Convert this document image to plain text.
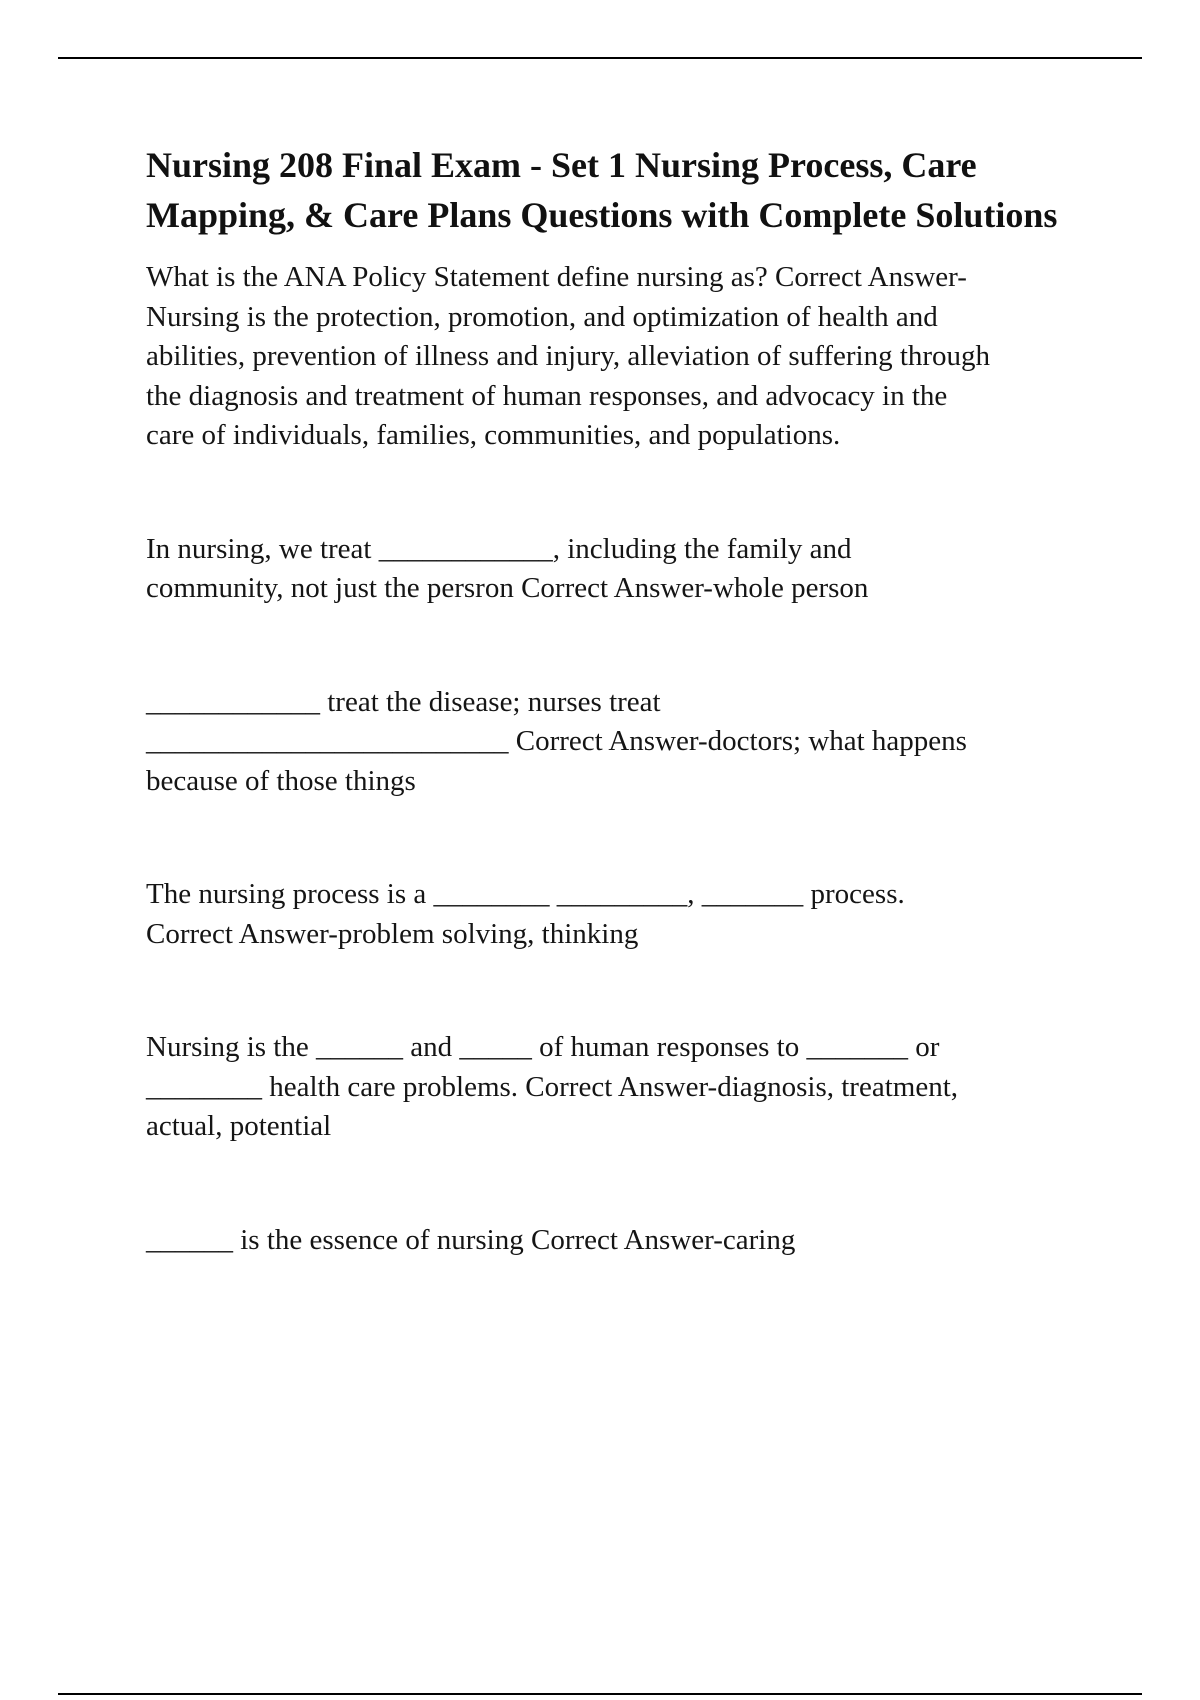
Nursing 208 Final Exam - Set 1 Nursing Process, Care Mapping, & Care Plans Questions with Complete Solutions

What is the ANA Policy Statement define nursing as? Correct Answer-
Nursing is the protection, promotion, and optimization of health and
abilities, prevention of illness and injury, alleviation of suffering through
the diagnosis and treatment of human responses, and advocacy in the
care of individuals, families, communities, and populations.

In nursing, we treat ____________, including the family and
community, not just the persron Correct Answer-whole person

____________ treat the disease; nurses treat
_________________________ Correct Answer-doctors; what happens
because of those things

The nursing process is a ________ _________, _______ process.
Correct Answer-problem solving, thinking

Nursing is the ______ and _____ of human responses to _______ or
________ health care problems. Correct Answer-diagnosis, treatment,
actual, potential

______ is the essence of nursing Correct Answer-caring
